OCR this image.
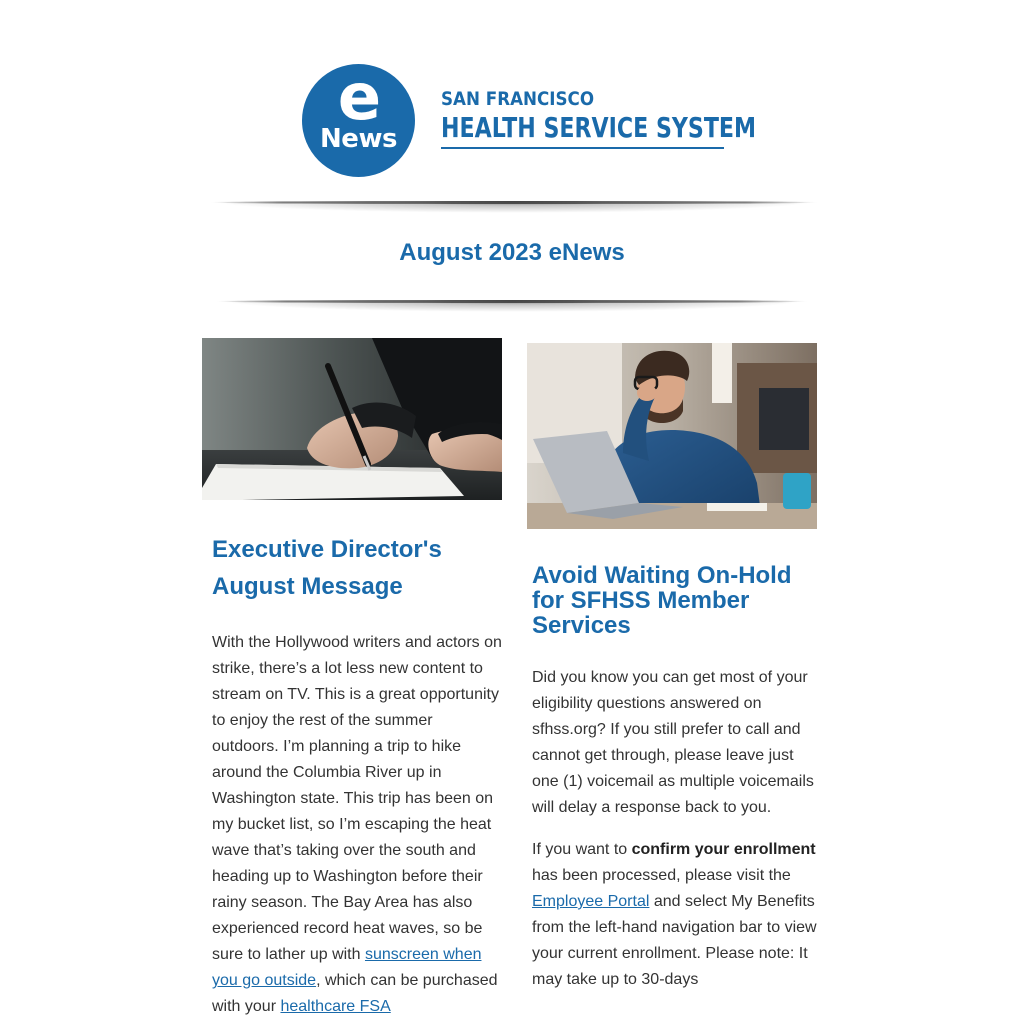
e
News
SAN FRANCISCO
HEALTH SERVICE SYSTEM
August 2023 eNews
Executive Director's
August Message

With the Hollywood writers and actors on strike, there’s a lot less new content to stream on TV. This is a great opportunity to enjoy the rest of the summer outdoors. I’m planning a trip to hike around the Columbia River up in Washington state. This trip has been on my bucket list, so I’m escaping the heat wave that’s taking over the south and heading up to Washington before their rainy season. The Bay Area has also experienced record heat waves, so be sure to lather up with sunscreen when you go outside, which can be purchased with your healthcare FSA

Avoid Waiting On-Hold for SFHSS Member Services

Did you know you can get most of your eligibility questions answered on sfhss.org? If you still prefer to call and cannot get through, please leave just one (1) voicemail as multiple voicemails will delay a response back to you.

If you want to confirm your enrollment has been processed, please visit the Employee Portal and select My Benefits from the left-hand navigation bar to view your current enrollment. Please note: It may take up to 30-days
